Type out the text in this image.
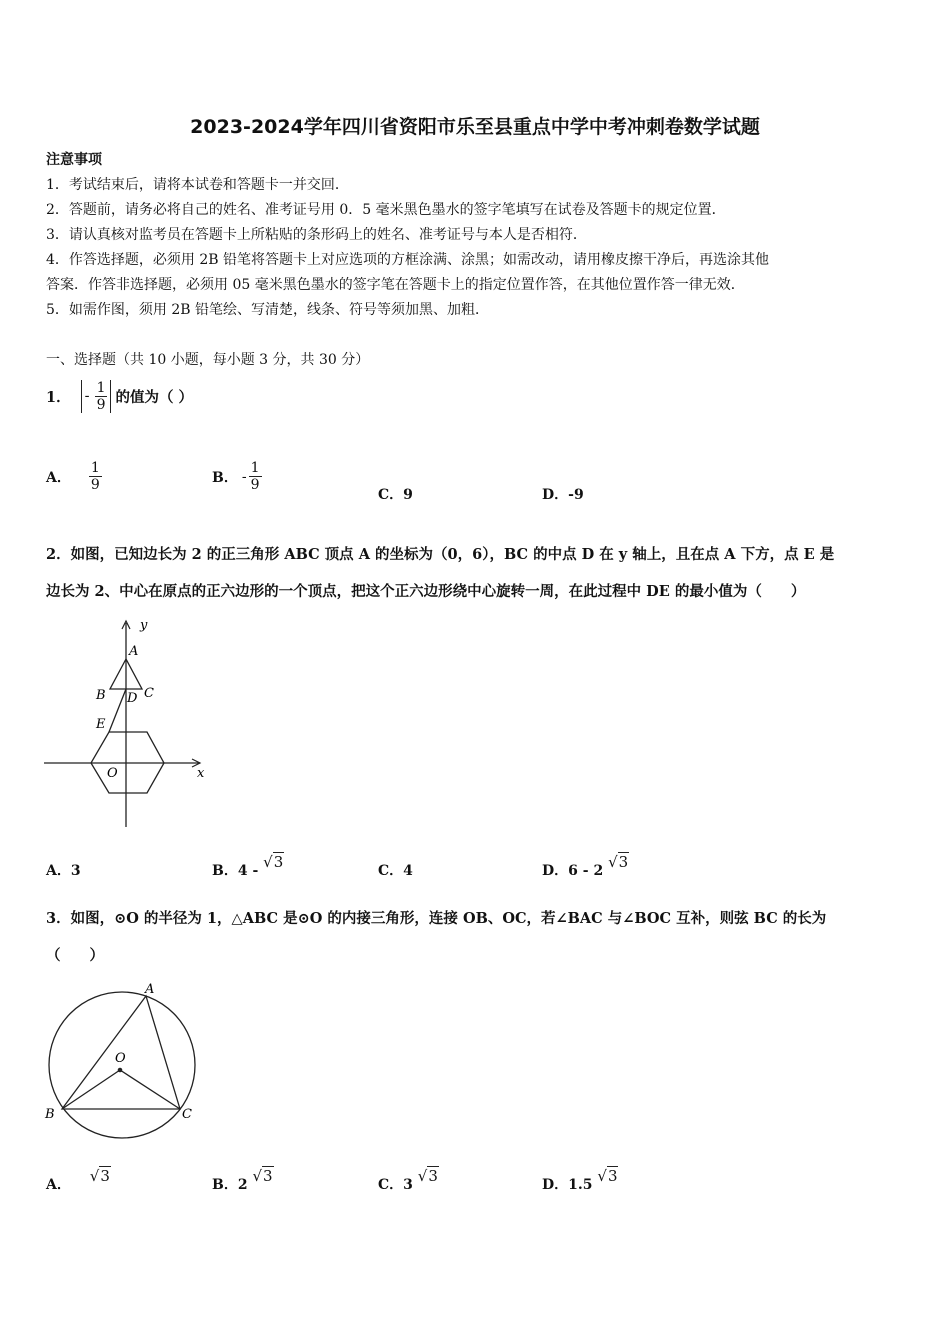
2023-2024学年四川省资阳市乐至县重点中学中考冲刺卷数学试题
注意事项
1．考试结束后，请将本试卷和答题卡一并交回．
2．答题前，请务必将自己的姓名、准考证号用 0．5 毫米黑色墨水的签字笔填写在试卷及答题卡的规定位置．
3．请认真核对监考员在答题卡上所粘贴的条形码上的姓名、准考证号与本人是否相符．
4．作答选择题，必须用 2B 铅笔将答题卡上对应选项的方框涂满、涂黑；如需改动，请用橡皮擦干净后，再选涂其他
答案．作答非选择题，必须用 05 毫米黑色墨水的签字笔在答题卡上的指定位置作答，在其他位置作答一律无效．
5．如需作图，须用 2B 铅笔绘、写清楚，线条、符号等须加黑、加粗．
一、选择题（共 10 小题，每小题 3 分，共 30 分）
1． - $\frac{1}{9}$ 的值为（ ）
A． $\frac{1}{9}$	B． - $\frac{1}{9}$
C．9	D．-9
2．如图，已知边长为 2 的正三角形 ABC 顶点 A 的坐标为（0，6），BC 的中点 D 在 y 轴上，且在点 A 下方，点 E 是
边长为 2、中心在原点的正六边形的一个顶点，把这个正六边形绕中心旋转一周，在此过程中 DE 的最小值为（　　）
y
x
A
B	C
D
E
O
A．3	B．4 - √3	C．4	D．6 - 2 √3
3．如图，⊙O 的半径为 1，△ABC 是⊙O 的内接三角形，连接 OB、OC，若∠BAC 与∠BOC 互补，则弦 BC 的长为
（　　）
A
B	C
O
A． √3	B．2 √3	C．3 √3	D．1.5 √3
